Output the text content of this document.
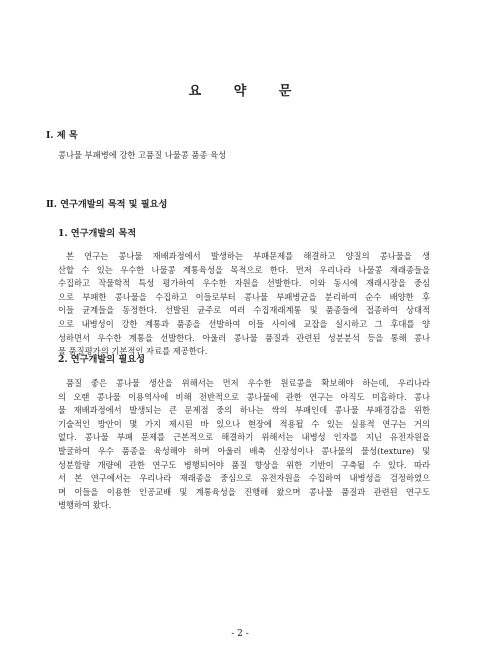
요 약 문
Ⅰ. 제 목
콩나물 부패병에 강한 고품질 나물콩 품종 육성
Ⅱ. 연구개발의 목적 및 필요성
1. 연구개발의 목적
본 연구는 콩나물 재배과정에서 발생하는 부패문제를 해결하고 양질의 콩나물을 생
산할 수 있는 우수한 나물콩 계통육성을 목적으로 한다. 먼저 우리나라 나물콩 재래종들을
수집하고 작물학적 특성 평가하여 우수한 자원을 선발한다. 이와 동시에 재래시장을 중심
으로 부패한 콩나물을 수집하고 이들로부터 콩나물 부패병균을 분리하여 순수 배양한 후
이들 균계들을 동정한다. 선발된 균주로 여러 수집재래계통 및 품종들에 접종하여 상대적
으로 내병성이 강한 계통과 품종을 선발하여 이들 사이에 교잡을 실시하고 그 후대를 양
성하면서 우수한 계통을 선발한다. 아울러 콩나물 품질과 관련된 성분분석 등을 통해 콩나
물 품질평가의 기본적인 자료를 제공한다.
2. 연구개발의 필요성
품질 좋은 콩나물 생산을 위해서는 먼저 우수한 원료콩을 확보해야 하는데, 우리나라
의 오랜 콩나물 이용역사에 비해 전반적으로 콩나물에 관한 연구는 아직도 미흡하다. 콩나
물 재배과정에서 발생되는 큰 문제점 중의 하나는 싹의 부패인데 콩나물 부패경감을 위한
기술적인 방안이 몇 가지 제시된 바 있으나 현장에 적용될 수 있는 실용적 연구는 거의
없다. 콩나물 부패 문제를 근본적으로 해결하기 위해서는 내병성 인자를 지닌 유전자원을
발굴하여 우수 품종을 육성해야 하며 아울러 배축 신장성이나 콩나물의 물성(texture) 및
성분함량 개량에 관한 연구도 병행되어야 품질 향상을 위한 기반이 구축될 수 있다. 따라
서 본 연구에서는 우리나라 재래종을 중심으로 유전자원을 수집하여 내병성을 검정하였으
며 이들을 이용한 인공교배 및 계통육성을 진행해 왔으며 콩나물 품질과 관련된 연구도
병행하여 왔다.
- 2 -
